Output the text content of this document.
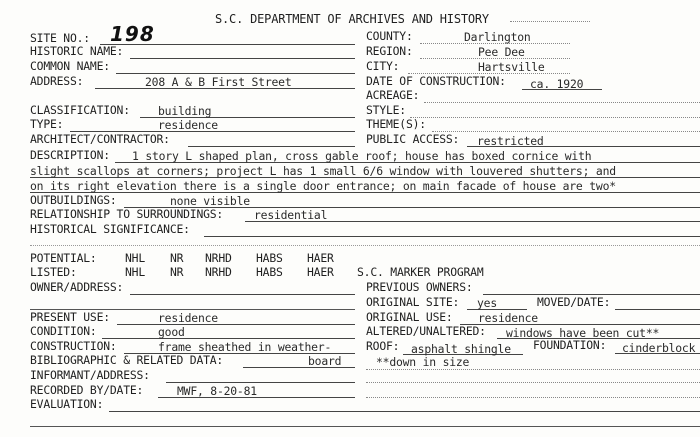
S.C. DEPARTMENT OF ARCHIVES AND HISTORY
SITE NO.: 198
HISTORIC NAME:
COMMON NAME:
ADDRESS:	208 A & B First Street
CLASSIFICATION: building
TYPE:	residence
ARCHITECT/CONTRACTOR:
COUNTY:	Darlington
REGION:	Pee Dee
CITY:	Hartsville
DATE OF CONSTRUCTION: ca. 1920
ACREAGE:
STYLE:
THEME(S):
PUBLIC ACCESS: restricted
DESCRIPTION: 1 story L shaped plan, cross gable roof; house has boxed cornice with
slight scallops at corners; project L has 1 small 6/6 window with louvered shutters; and
on its right elevation there is a single door entrance; on main facade of house are two*
OUTBUILDINGS:	none visible
RELATIONSHIP TO SURROUNDINGS:	residential
HISTORICAL SIGNIFICANCE:
POTENTIAL: NHL NR NRHD HABS HAER
LISTED:	NHL NR NRHD HABS HAER S.C. MARKER PROGRAM
OWNER/ADDRESS:	PREVIOUS OWNERS:
ORIGINAL SITE: yes	MOVED/DATE:
PRESENT USE:	residence	ORIGINAL USE: residence
CONDITION:	good	ALTERED/UNALTERED: windows have been cut**
CONSTRUCTION:	frame sheathed in weather-	ROOF: asphalt shingle FOUNDATION: cinderblock
BIBLIOGRAPHIC & RELATED DATA:	board	**down in size
INFORMANT/ADDRESS:
RECORDED BY/DATE:	MWF, 8-20-81
EVALUATION:
